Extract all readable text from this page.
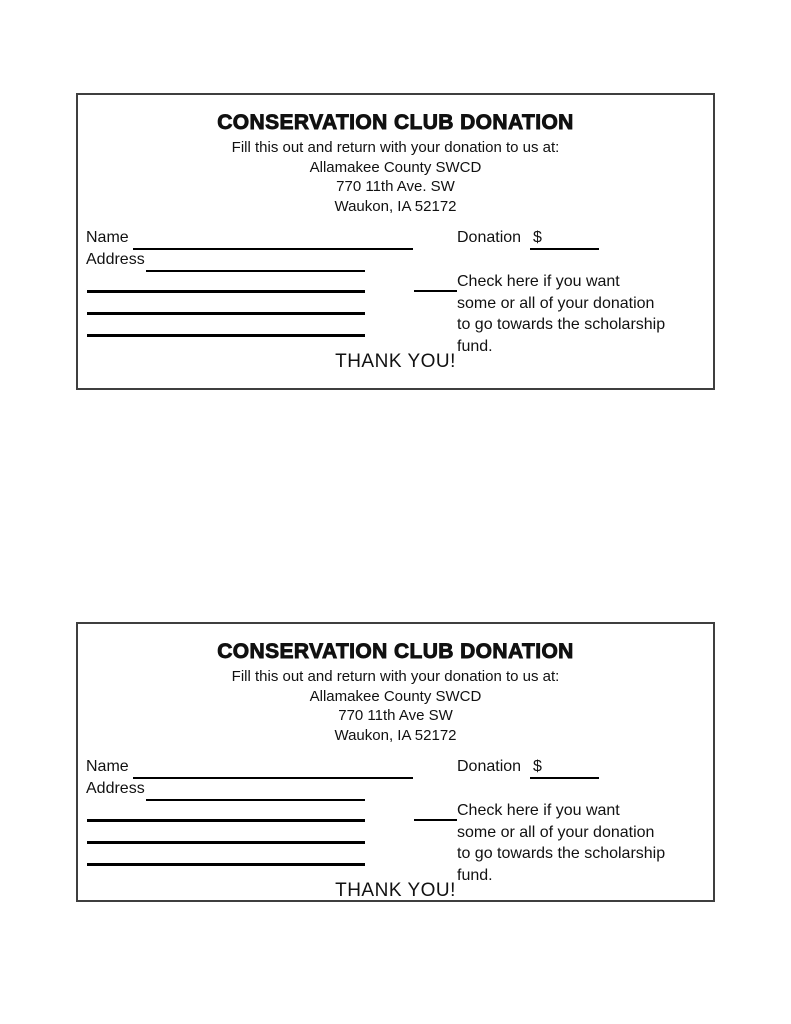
CONSERVATION CLUB DONATION
Fill this out and return with your donation to us at:
Allamakee County SWCD
770 11th Ave. SW
Waukon, IA 52172
Name	Donation $
Address
Check here if you want
some or all of your donation
to go towards the scholarship
fund.
THANK YOU!
CONSERVATION CLUB DONATION
Fill this out and return with your donation to us at:
Allamakee County SWCD
770 11th Ave SW
Waukon, IA 52172
Name	Donation $
Address
Check here if you want
some or all of your donation
to go towards the scholarship
fund.
THANK YOU!
